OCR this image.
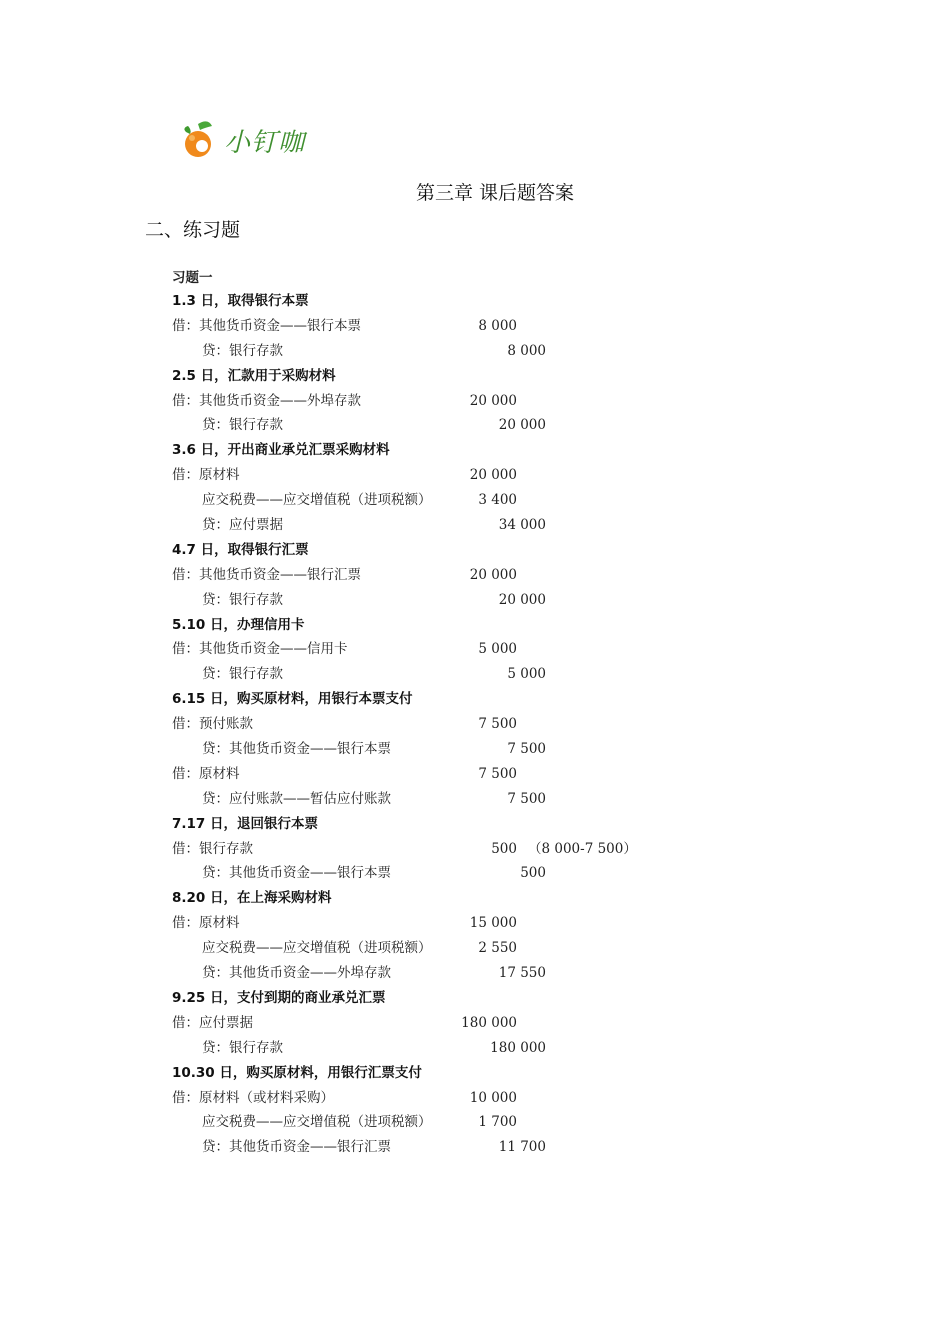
小钉咖
第三章 课后题答案
二、练习题
习题一
1.3 日，取得银行本票
借：其他货币资金——银行本票	8 000
贷：银行存款	8 000
2.5 日，汇款用于采购材料
借：其他货币资金——外埠存款	20 000
贷：银行存款	20 000
3.6 日，开出商业承兑汇票采购材料
借：原材料	20 000
应交税费——应交增值税（进项税额）	3 400
贷：应付票据	34 000
4.7 日，取得银行汇票
借：其他货币资金——银行汇票	20 000
贷：银行存款	20 000
5.10 日，办理信用卡
借：其他货币资金——信用卡	5 000
贷：银行存款	5 000
6.15 日，购买原材料，用银行本票支付
借：预付账款	7 500
贷：其他货币资金——银行本票	7 500
借：原材料	7 500
贷：应付账款——暂估应付账款	7 500
7.17 日，退回银行本票
借：银行存款	500 （8 000-7 500）
贷：其他货币资金——银行本票	500
8.20 日，在上海采购材料
借：原材料	15 000
应交税费——应交增值税（进项税额）	2 550
贷：其他货币资金——外埠存款	17 550
9.25 日，支付到期的商业承兑汇票
借：应付票据	180 000
贷：银行存款	180 000
10.30 日，购买原材料，用银行汇票支付
借：原材料（或材料采购）	10 000
应交税费——应交增值税（进项税额）	1 700
贷：其他货币资金——银行汇票	11 700
